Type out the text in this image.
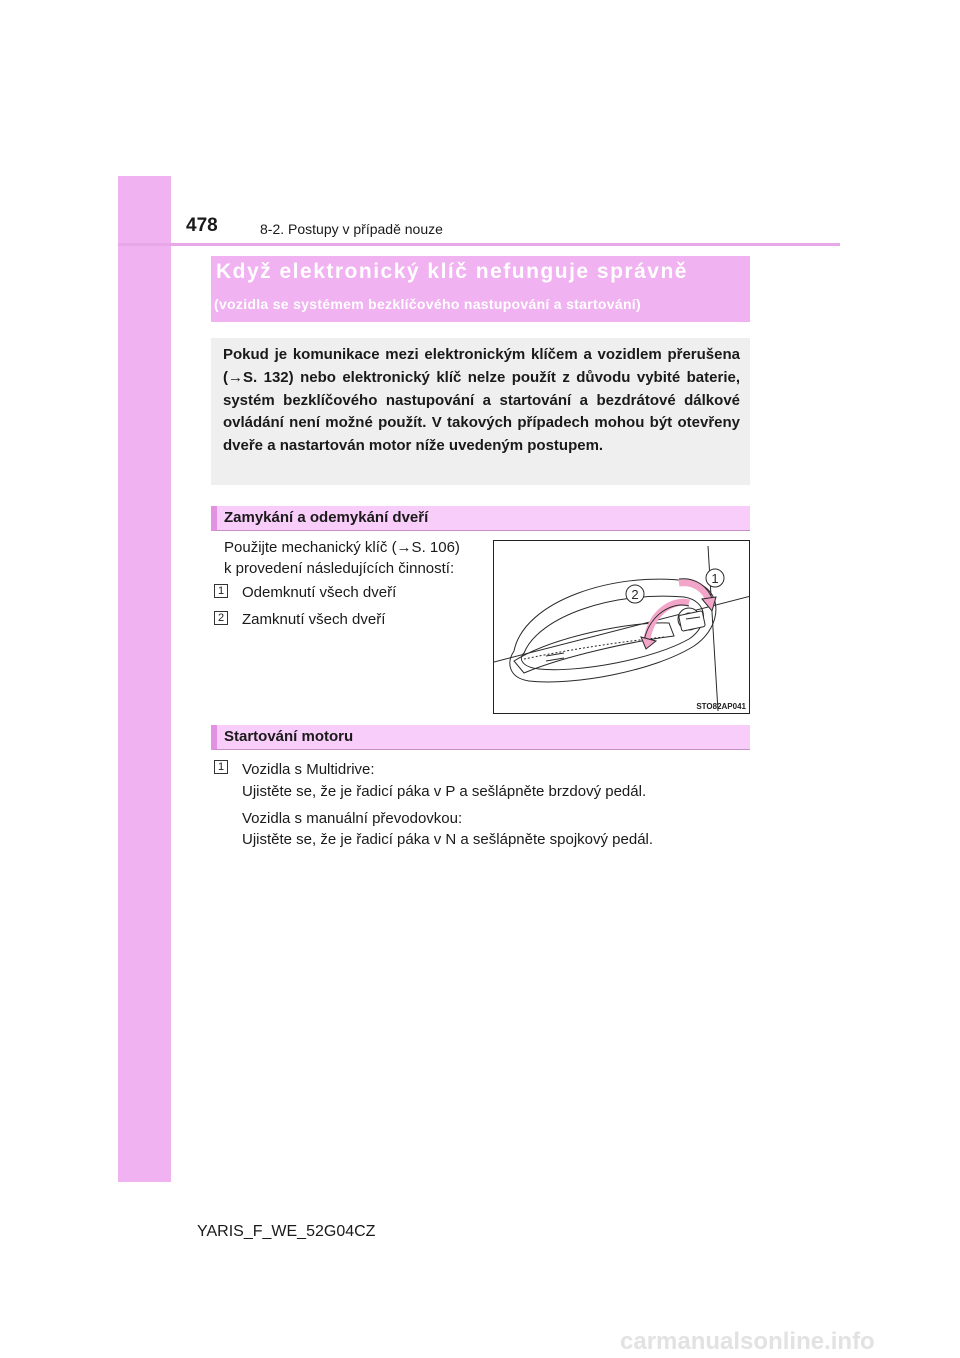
478	8-2. Postupy v případě nouze
Když elektronický klíč nefunguje správně
(vozidla se systémem bezklíčového nastupování a startování)
Pokud je komunikace mezi elektronickým klíčem a vozidlem přerušena (→S. 132) nebo elektronický klíč nelze použít z důvodu vybité baterie, systém bezklíčového nastupování a startování a bezdrátové dálkové ovládání není možné použít. V takových případech mohou být otevřeny dveře a nastartován motor níže uvedeným postupem.
Zamykání a odemykání dveří
Použijte mechanický klíč (→S. 106)
k provedení následujících činností:
1 Odemknutí všech dveří
2 Zamknutí všech dveří
2
1
STO82AP041
Startování motoru
1 Vozidla s Multidrive:
Ujistěte se, že je řadicí páka v P a sešlápněte brzdový pedál.
Vozidla s manuální převodovkou:
Ujistěte se, že je řadicí páka v N a sešlápněte spojkový pedál.
YARIS_F_WE_52G04CZ
carmanualsonline.info
